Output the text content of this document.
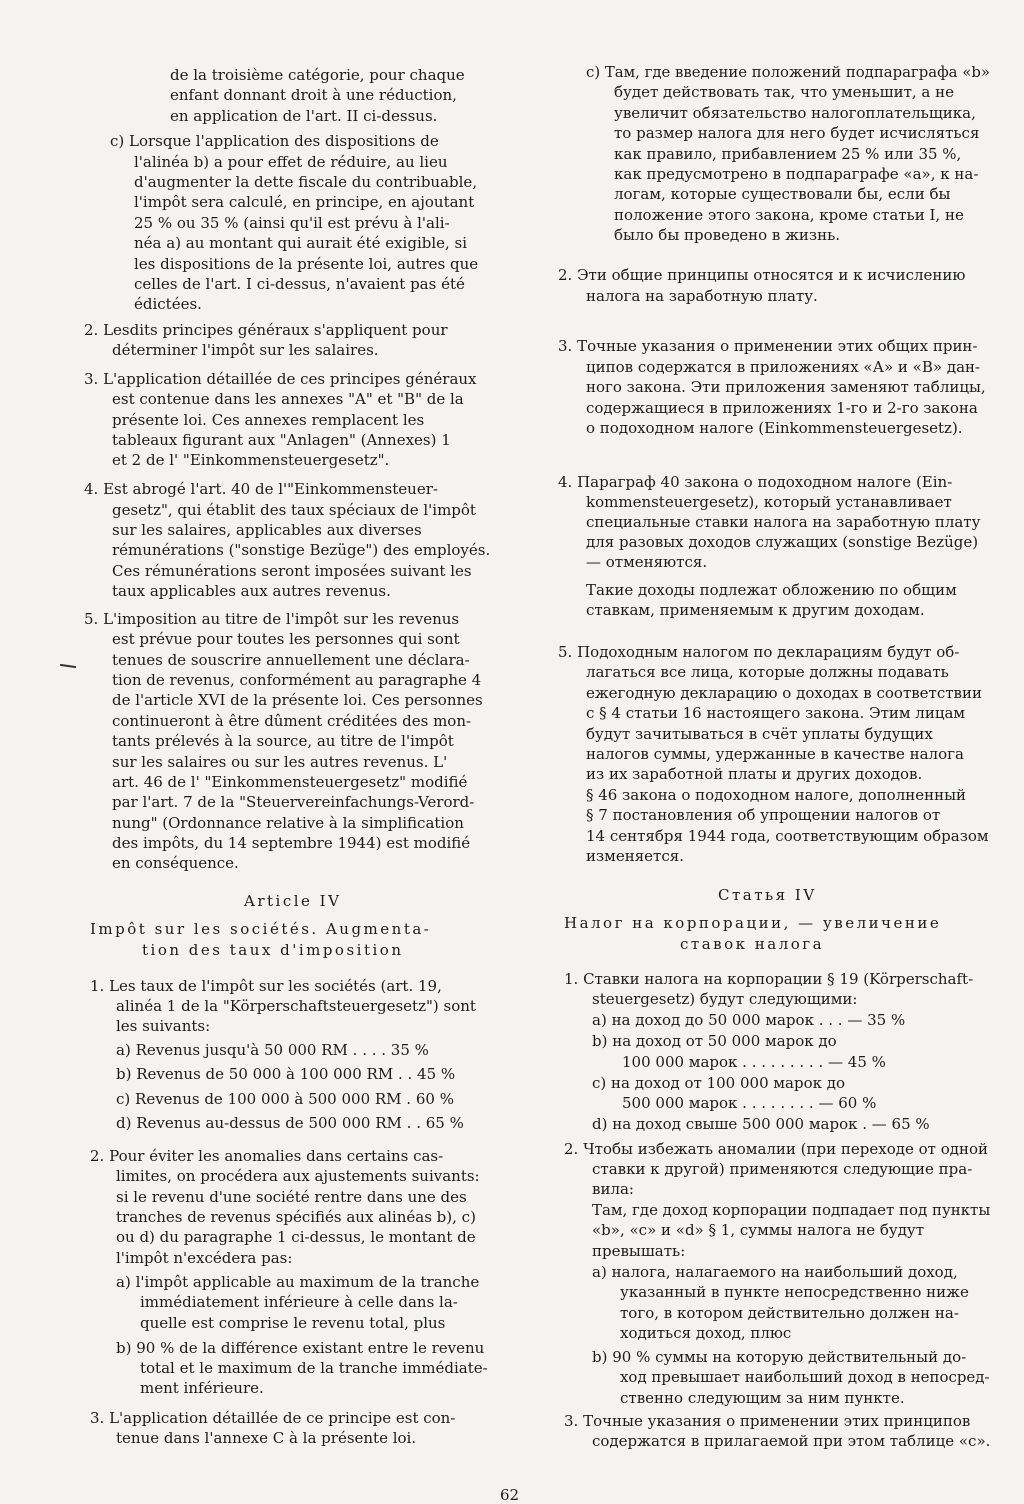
de la troisième catégorie, pour chaque
enfant donnant droit à une réduction,
en application de l'art. II ci-dessus.
c) Lorsque l'application des dispositions de
l'alinéa b) a pour effet de réduire, au lieu
d'augmenter la dette fiscale du contribuable,
l'impôt sera calculé, en principe, en ajoutant
25 % ou 35 % (ainsi qu'il est prévu à l'ali-
néa a) au montant qui aurait été exigible, si
les dispositions de la présente loi, autres que
celles de l'art. I ci-dessus, n'avaient pas été
édictées.
2. Lesdits principes généraux s'appliquent pour
déterminer l'impôt sur les salaires.
3. L'application détaillée de ces principes généraux
est contenue dans les annexes "A" et "B" de la
présente loi. Ces annexes remplacent les
tableaux figurant aux "Anlagen" (Annexes) 1
et 2 de l' "Einkommensteuergesetz".
4. Est abrogé l'art. 40 de l'"Einkommensteuer-
gesetz", qui établit des taux spéciaux de l'impôt
sur les salaires, applicables aux diverses
rémunérations ("sonstige Bezüge") des employés.
Ces rémunérations seront imposées suivant les
taux applicables aux autres revenus.
5. L'imposition au titre de l'impôt sur les revenus
est prévue pour toutes les personnes qui sont
tenues de souscrire annuellement une déclara-
tion de revenus, conformément au paragraphe 4
de l'article XVI de la présente loi. Ces personnes
continueront à être dûment créditées des mon-
tants prélevés à la source, au titre de l'impôt
sur les salaires ou sur les autres revenus. L'
art. 46 de l' "Einkommensteuergesetz" modifié
par l'art. 7 de la "Steuervereinfachungs-Verord-
nung" (Ordonnance relative à la simplification
des impôts, du 14 septembre 1944) est modifié
en conséquence.
Article IV
Impôt sur les sociétés. Augmenta-
tion des taux d'imposition
1. Les taux de l'impôt sur les sociétés (art. 19,
alinéa 1 de la "Körperschaftsteuergesetz") sont
les suivants:
a) Revenus jusqu'à 50 000 RM . . . . 35 %
b) Revenus de 50 000 à 100 000 RM . . 45 %
c) Revenus de 100 000 à 500 000 RM . 60 %
d) Revenus au-dessus de 500 000 RM . . 65 %
2. Pour éviter les anomalies dans certains cas-
limites, on procédera aux ajustements suivants:
si le revenu d'une société rentre dans une des
tranches de revenus spécifiés aux alinéas b), c)
ou d) du paragraphe 1 ci-dessus, le montant de
l'impôt n'excédera pas:
a) l'impôt applicable au maximum de la tranche
immédiatement inférieure à celle dans la-
quelle est comprise le revenu total, plus
b) 90 % de la différence existant entre le revenu
total et le maximum de la tranche immédiate-
ment inférieure.
3. L'application détaillée de ce principe est con-
tenue dans l'annexe C à la présente loi.
c) Там, где введение положений подпараграфа «b»
будет действовать так, что уменьшит, а не
увеличит обязательство налогоплательщика,
то размер налога для него будет исчисляться
как правило, прибавлением 25 % или 35 %,
как предусмотрено в подпараграфе «а», к на-
логам, которые существовали бы, если бы
положение этого закона, кроме статьи I, не
было бы проведено в жизнь.
2. Эти общие принципы относятся и к исчислению
налога на заработную плату.
3. Точные указания о применении этих общих прин-
ципов содержатся в приложениях «А» и «В» дан-
ного закона. Эти приложения заменяют таблицы,
содержащиеся в приложениях 1-го и 2-го закона
о подоходном налоге (Einkommensteuergesetz).
4. Параграф 40 закона о подоходном налоге (Ein-
kommensteuergesetz), который устанавливает
специальные ставки налога на заработную плату
для разовых доходов служащих (sonstige Bezüge)
— отменяются.
Такие доходы подлежат обложению по общим
ставкам, применяемым к другим доходам.
5. Подоходным налогом по декларациям будут об-
лагаться все лица, которые должны подавать
ежегодную декларацию о доходах в соответствии
с § 4 статьи 16 настоящего закона. Этим лицам
будут зачитываться в счёт уплаты будущих
налогов суммы, удержанные в качестве налога
из их заработной платы и других доходов.
§ 46 закона о подоходном налоге, дополненный
§ 7 постановления об упрощении налогов от
14 сентября 1944 года, соответствующим образом
изменяется.
Статья IV
Налог на корпорации, — увеличение
ставок налога
1. Ставки налога на корпорации § 19 (Körperschaft-
steuergesetz) будут следующими:
а) на доход до 50 000 марок . . . — 35 %
b) на доход от 50 000 марок до
100 000 марок . . . . . . . . . — 45 %
с) на доход от 100 000 марок до
500 000 марок . . . . . . . . — 60 %
d) на доход свыше 500 000 марок . — 65 %
2. Чтобы избежать аномалии (при переходе от одной
ставки к другой) применяются следующие пра-
вила:
Там, где доход корпорации подпадает под пункты
«b», «с» и «d» § 1, суммы налога не будут
превышать:
а) налога, налагаемого на наибольший доход,
указанный в пункте непосредственно ниже
того, в котором действительно должен на-
ходиться доход, плюс
b) 90 % суммы на которую действительный до-
ход превышает наибольший доход в непосред-
ственно следующим за ним пункте.
3. Точные указания о применении этих принципов
содержатся в прилагаемой при этом таблице «с».
62
